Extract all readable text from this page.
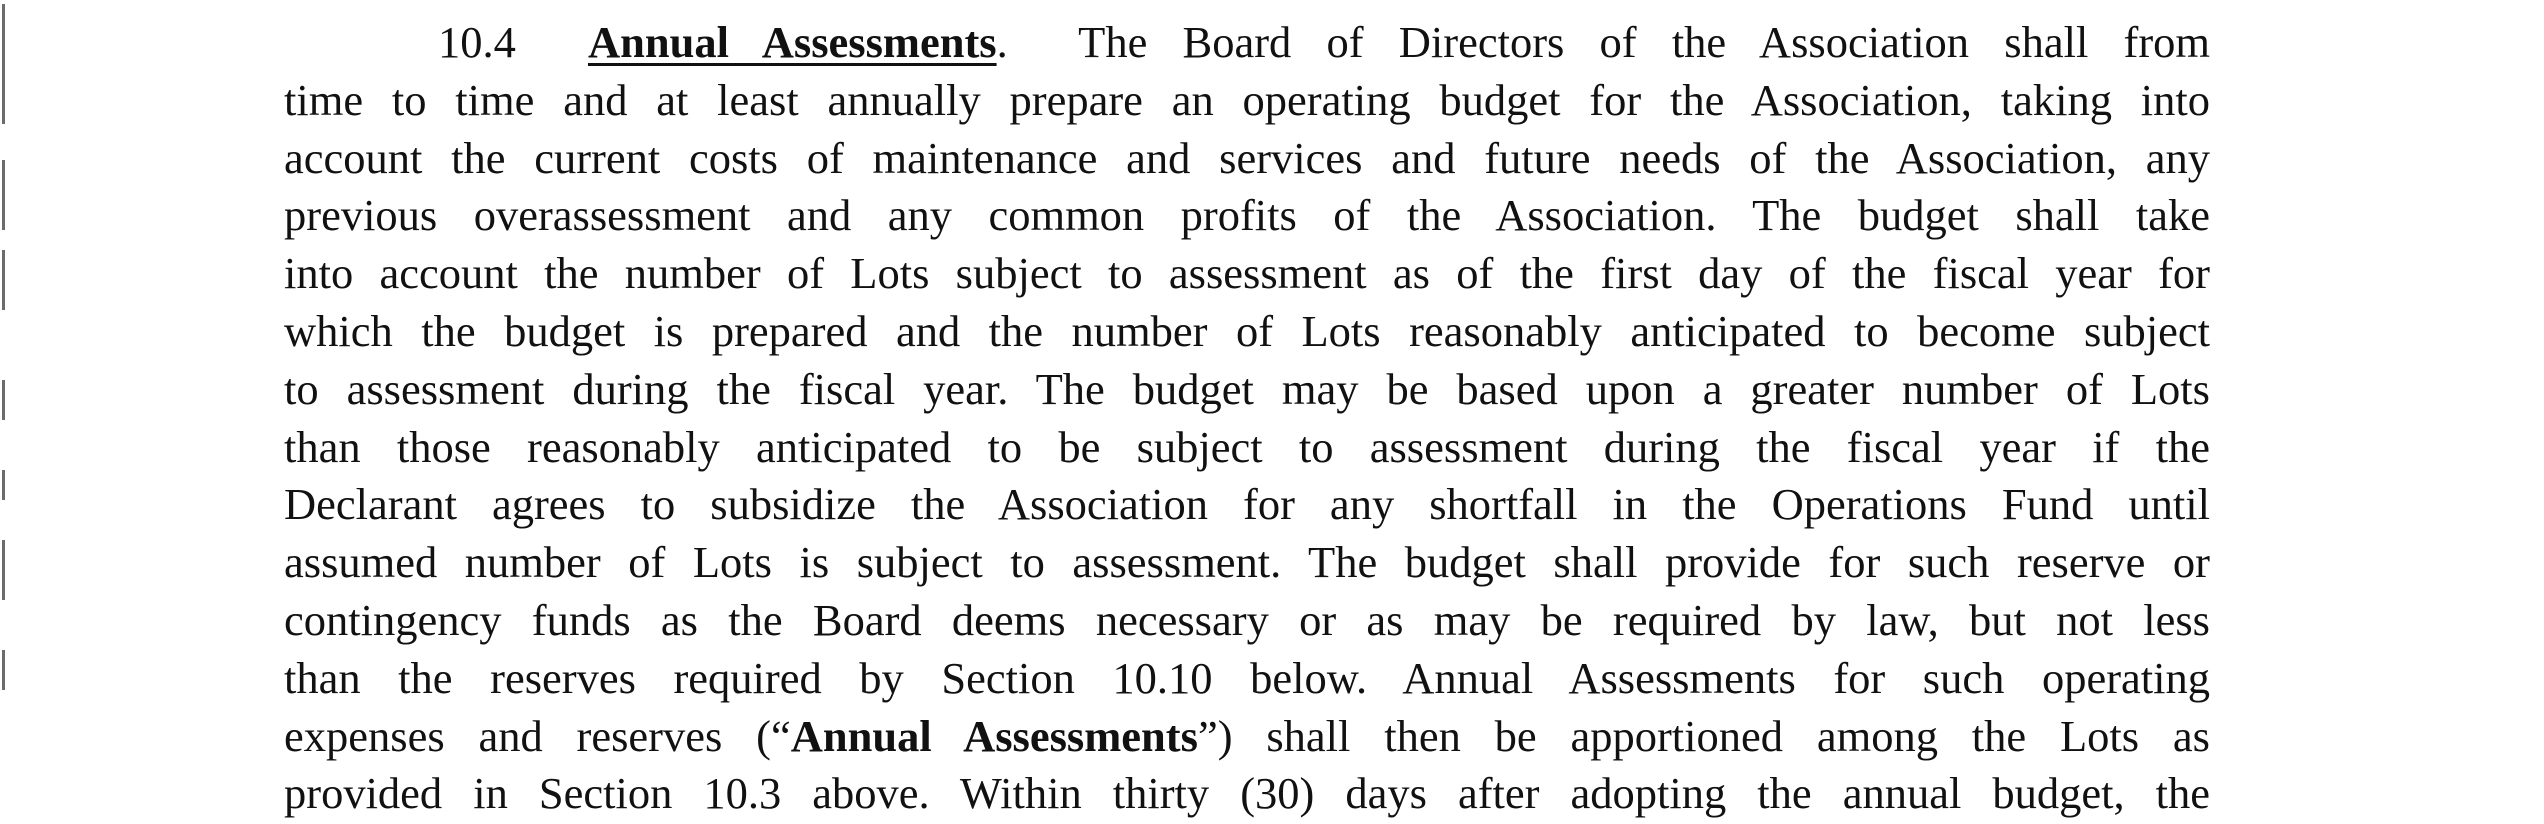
10.4 Annual Assessments. The Board of Directors of the Association shall from
time to time and at least annually prepare an operating budget for the Association, taking into
account the current costs of maintenance and services and future needs of the Association, any
previous overassessment and any common profits of the Association. The budget shall take
into account the number of Lots subject to assessment as of the first day of the fiscal year for
which the budget is prepared and the number of Lots reasonably anticipated to become subject
to assessment during the fiscal year. The budget may be based upon a greater number of Lots
than those reasonably anticipated to be subject to assessment during the fiscal year if the
Declarant agrees to subsidize the Association for any shortfall in the Operations Fund until
assumed number of Lots is subject to assessment. The budget shall provide for such reserve or
contingency funds as the Board deems necessary or as may be required by law, but not less
than the reserves required by Section 10.10 below. Annual Assessments for such operating
expenses and reserves (“Annual Assessments”) shall then be apportioned among the Lots as
provided in Section 10.3 above. Within thirty (30) days after adopting the annual budget, the
